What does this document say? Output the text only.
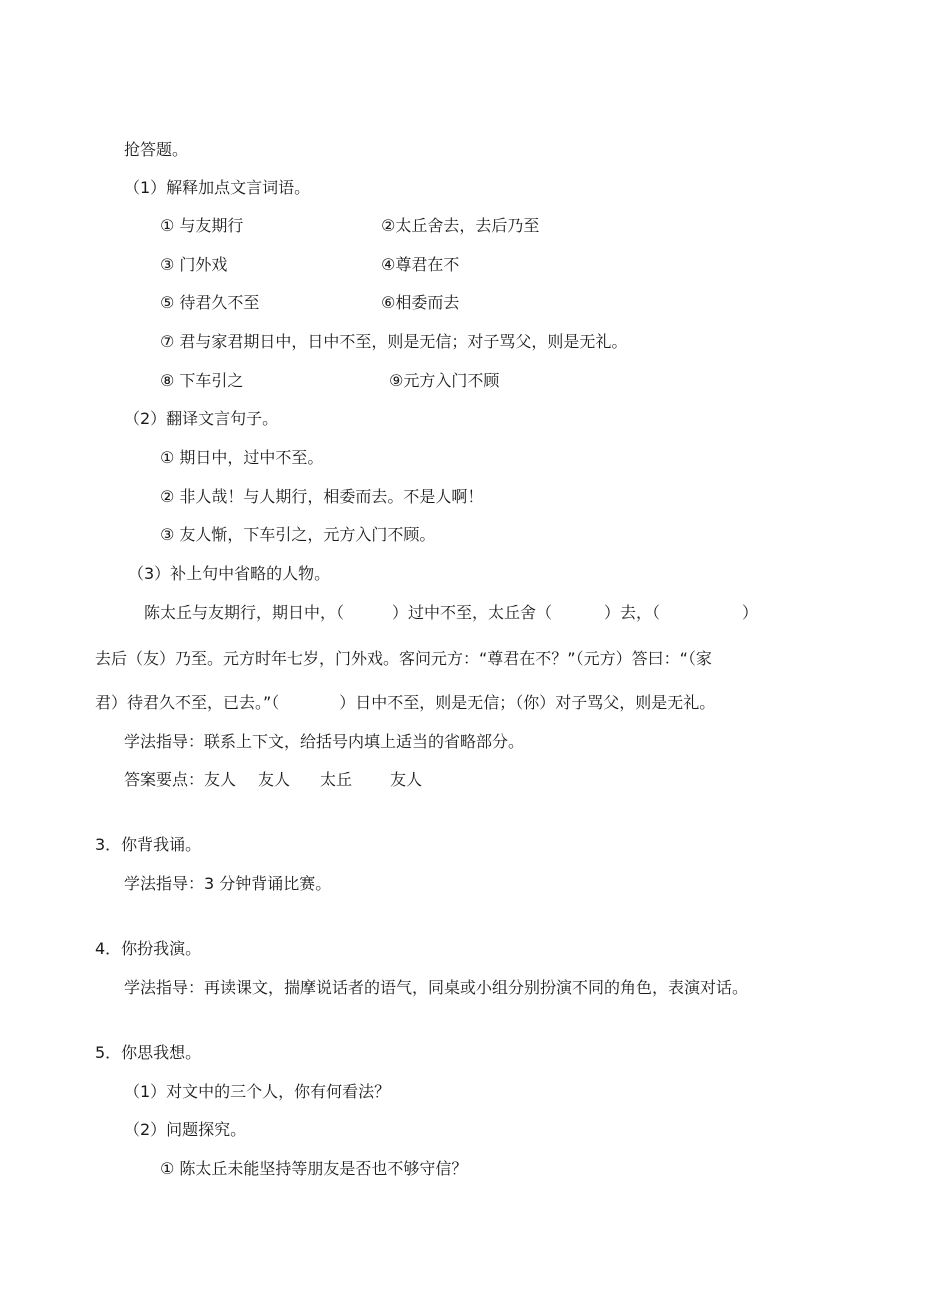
抢答题。
（1）解释加点文言词语。
① 与友期行	②太丘舍去，去后乃至
③ 门外戏	④尊君在不
⑤ 待君久不至	⑥相委而去
⑦ 君与家君期日中，日中不至，则是无信；对子骂父，则是无礼。
⑧ 下车引之	⑨元方入门不顾
（2）翻译文言句子。
① 期日中，过中不至。
② 非人哉！与人期行，相委而去。不是人啊！
③ 友人惭，下车引之，元方入门不顾。
（3）补上句中省略的人物。
陈太丘与友期行，期日中，（	）过中不至，太丘舍（	）去，（	）
去后（友）乃至。元方时年七岁，门外戏。客问元方：“尊君在不？”（元方）答曰：“（家
君）待君久不至，已去。”（	）日中不至，则是无信；（你）对子骂父，则是无礼。
学法指导：联系上下文，给括号内填上适当的省略部分。
答案要点：友人 友人 太丘 友人
3．你背我诵。
学法指导：3 分钟背诵比赛。
4．你扮我演。
学法指导：再读课文，揣摩说话者的语气，同桌或小组分别扮演不同的角色，表演对话。
5．你思我想。
（1）对文中的三个人，你有何看法？
（2）问题探究。
① 陈太丘未能坚持等朋友是否也不够守信？
